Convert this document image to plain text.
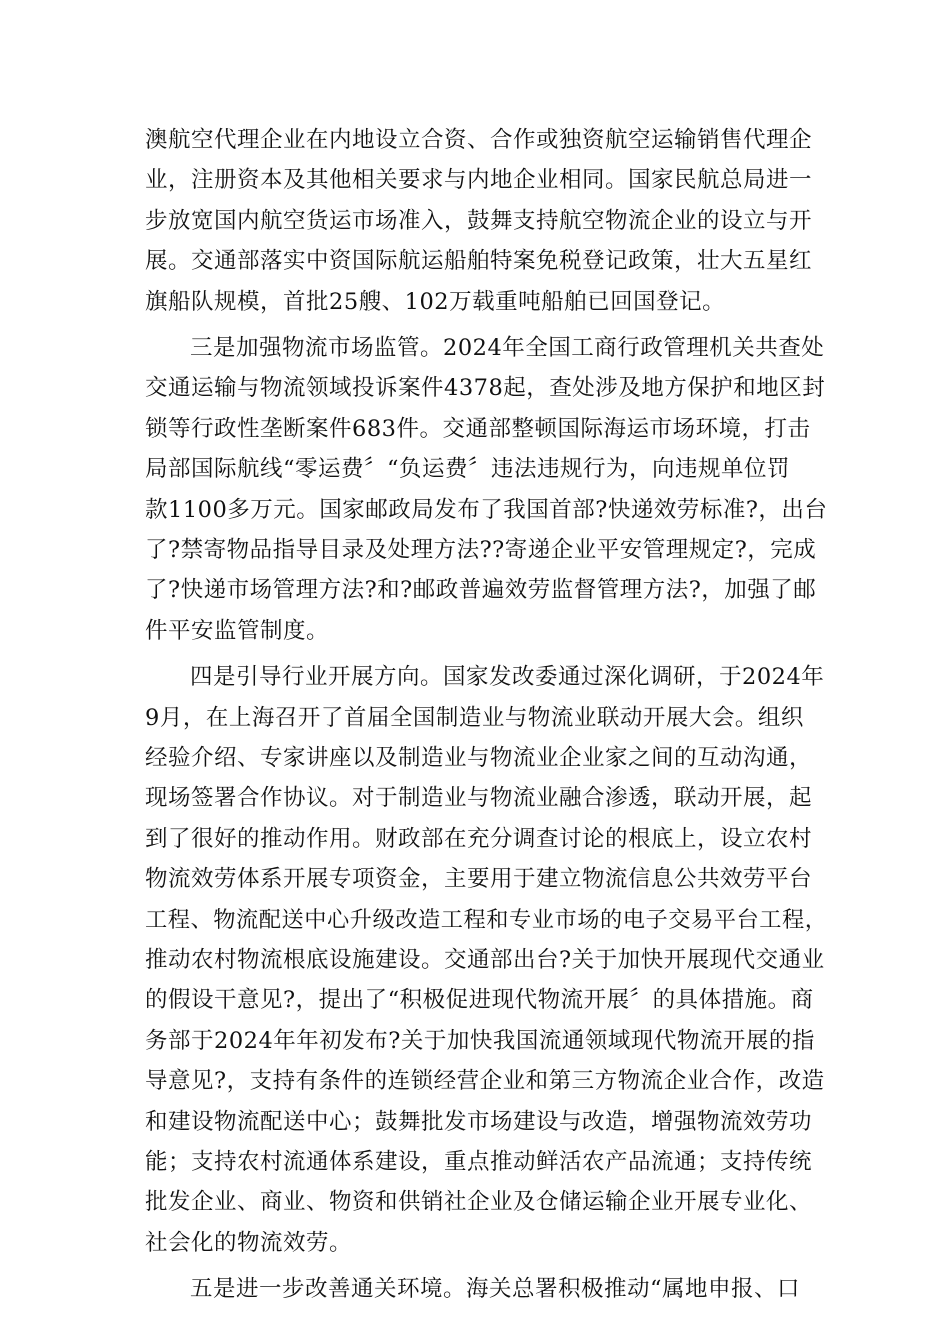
澳航空代理企业在内地设立合资、合作或独资航空运输销售代理企
业，注册资本及其他相关要求与内地企业相同。国家民航总局进一
步放宽国内航空货运市场准入，鼓舞支持航空物流企业的设立与开
展。交通部落实中资国际航运船舶特案免税登记政策，壮大五星红
旗船队规模，首批25艘、102万载重吨船舶已回国登记。
三是加强物流市场监管。2024年全国工商行政管理机关共查处
交通运输与物流领域投诉案件4378起，查处涉及地方保护和地区封
锁等行政性垄断案件683件。交通部整顿国际海运市场环境，打击
局部国际航线“零运费〞“负运费〞违法违规行为，向违规单位罚
款1100多万元。国家邮政局发布了我国首部?快递效劳标准?，出台
了?禁寄物品指导目录及处理方法??寄递企业平安管理规定?，完成
了?快递市场管理方法?和?邮政普遍效劳监督管理方法?，加强了邮
件平安监管制度。
四是引导行业开展方向。国家发改委通过深化调研，于2024年
9月，在上海召开了首届全国制造业与物流业联动开展大会。组织
经验介绍、专家讲座以及制造业与物流业企业家之间的互动沟通，
现场签署合作协议。对于制造业与物流业融合渗透，联动开展，起
到了很好的推动作用。财政部在充分调查讨论的根底上，设立农村
物流效劳体系开展专项资金，主要用于建立物流信息公共效劳平台
工程、物流配送中心升级改造工程和专业市场的电子交易平台工程，
推动农村物流根底设施建设。交通部出台?关于加快开展现代交通业
的假设干意见?，提出了“积极促进现代物流开展〞的具体措施。商
务部于2024年年初发布?关于加快我国流通领域现代物流开展的指
导意见?，支持有条件的连锁经营企业和第三方物流企业合作，改造
和建设物流配送中心；鼓舞批发市场建设与改造，增强物流效劳功
能；支持农村流通体系建设，重点推动鲜活农产品流通；支持传统
批发企业、商业、物资和供销社企业及仓储运输企业开展专业化、
社会化的物流效劳。
五是进一步改善通关环境。海关总署积极推动“属地申报、口
